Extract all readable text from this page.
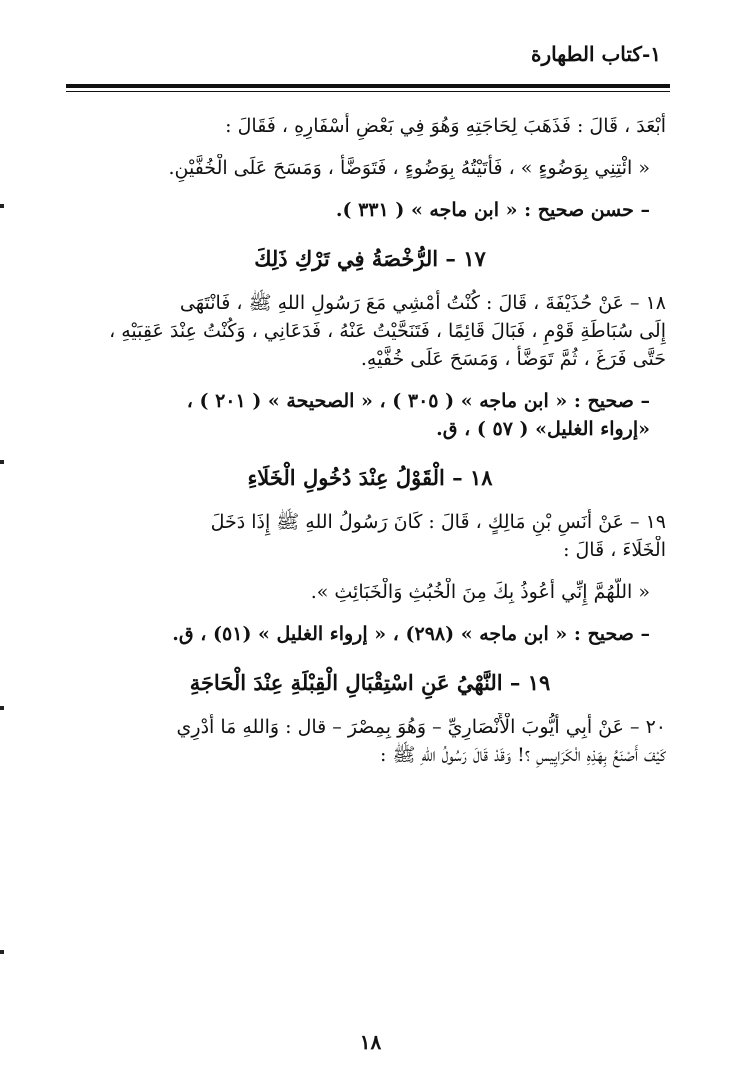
١-كتاب الطهارة
أَبْعَدَ ، قَالَ : فَذَهَبَ لِحَاجَتِهِ وَهُوَ فِي بَعْضِ أَسْفَارِهِ ، فَقَالَ :
« ائْتِنِي بِوَضُوءٍ » ، فَأَتَيْتُهُ بِوَضُوءٍ ، فَتَوَضَّأَ ، وَمَسَحَ عَلَى الْخُفَّيْنِ.
– حسن صحيح : « ابن ماجه » ( ٣٣١ ).
١٧ – الرُّخْصَةُ فِي تَرْكِ ذَلِكَ
١٨ – عَنْ حُذَيْفَةَ ، قَالَ : كُنْتُ أَمْشِي مَعَ رَسُولِ اللهِ ﷺ ، فَانْتَهَى
إِلَى سُبَاطَةِ قَوْمٍ ، فَبَالَ قَائِمًا ، فَتَنَحَّيْتُ عَنْهُ ، فَدَعَانِي ، وَكُنْتُ عِنْدَ عَقِبَيْهِ ،
حَتَّى فَرَغَ ، ثُمَّ تَوَضَّأَ ، وَمَسَحَ عَلَى خُفَّيْهِ.
– صحيح : « ابن ماجه » ( ٣٠٥ ) ، « الصحيحة » ( ٢٠١ ) ،
«إرواء الغليل» ( ٥٧ ) ، ق.
١٨ – الْقَوْلُ عِنْدَ دُخُولِ الْخَلَاءِ
١٩ – عَنْ أَنَسِ بْنِ مَالِكٍ ، قَالَ : كَانَ رَسُولُ اللهِ ﷺ إِذَا دَخَلَ
الْخَلَاءَ ، قَالَ :
« اللَّهُمَّ إِنِّي أَعُوذُ بِكَ مِنَ الْخُبُثِ وَالْخَبَائِثِ ».
– صحيح : « ابن ماجه » (٢٩٨) ، « إرواء الغليل » (٥١) ، ق.
١٩ – النَّهْيُ عَنِ اسْتِقْبَالِ الْقِبْلَةِ عِنْدَ الْحَاجَةِ
٢٠ – عَنْ أَبِي أَيُّوبَ الْأَنْصَارِيِّ – وَهُوَ بِمِصْرَ – قال : وَاللهِ مَا أَدْرِي
كَيْفَ أَصْنَعُ بِهَذِهِ الْكَرَايِيسِ ؟! وَقَدْ قَالَ رَسُولُ اللهِ ﷺ :
١٨
